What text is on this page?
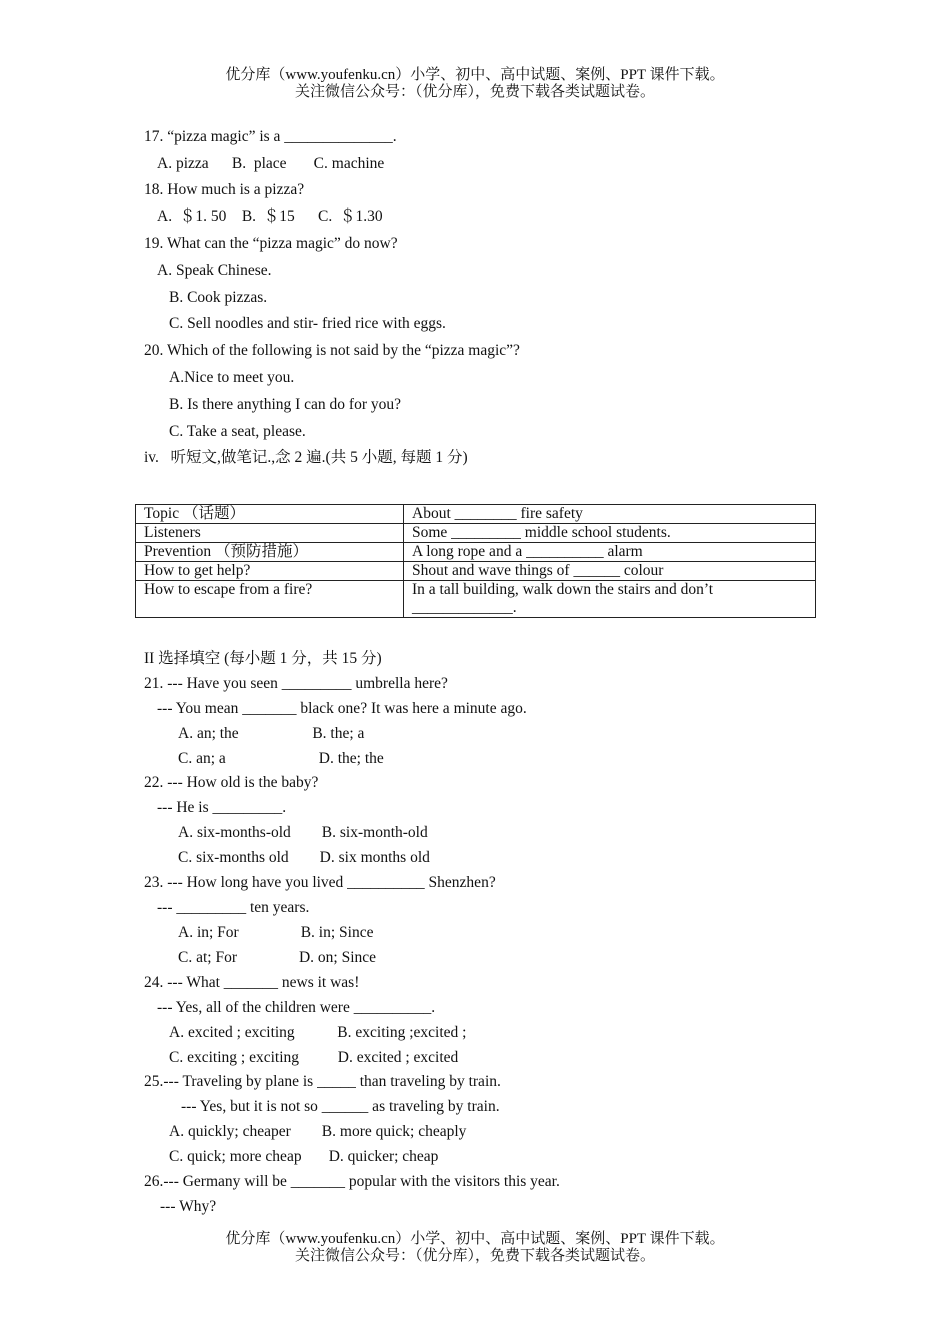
优分库（www.youfenku.cn）小学、初中、高中试题、案例、PPT 课件下载。
关注微信公众号：（优分库），免费下载各类试题试卷。
17. “pizza magic” is a ______________.
A. pizza      B.  place       C. machine
18. How much is a pizza?
A.  ＄1. 50    B.  ＄15      C.  ＄1.30
19. What can the “pizza magic” do now?
A. Speak Chinese.
B. Cook pizzas.
C. Sell noodles and stir- fried rice with eggs.
20. Which of the following is not said by the “pizza magic”?
A.Nice to meet you.
B. Is there anything I can do for you?
C. Take a seat, please.
iv.   听短文,做笔记.,念 2 遍.(共 5 小题, 每题 1 分)
Topic （话题）	About ________ fire safety
Listeners	Some _________ middle school students.
Prevention （预防措施）	A long rope and a __________ alarm
How to get help?	Shout and wave things of ______ colour
How to escape from a fire?	In a tall building, walk down the stairs and don’t _____________.
II 选择填空 (每小题 1 分，共 15 分)
21. --- Have you seen _________ umbrella here?
--- You mean _______ black one? It was here a minute ago.
A. an; the                   B. the; a
C. an; a                        D. the; the
22. --- How old is the baby?
--- He is _________.
A. six-months-old        B. six-month-old
C. six-months old        D. six months old
23. --- How long have you lived __________ Shenzhen?
--- _________ ten years.
A. in; For                B. in; Since
C. at; For                D. on; Since
24. --- What _______ news it was!
--- Yes, all of the children were __________.
A. excited ; exciting           B. exciting ;excited ;
C. exciting ; exciting          D. excited ; excited
25.--- Traveling by plane is _____ than traveling by train.
--- Yes, but it is not so ______ as traveling by train.
A. quickly; cheaper        B. more quick; cheaply
C. quick; more cheap       D. quicker; cheap
26.--- Germany will be _______ popular with the visitors this year.
--- Why?
优分库（www.youfenku.cn）小学、初中、高中试题、案例、PPT 课件下载。
关注微信公众号：（优分库），免费下载各类试题试卷。
